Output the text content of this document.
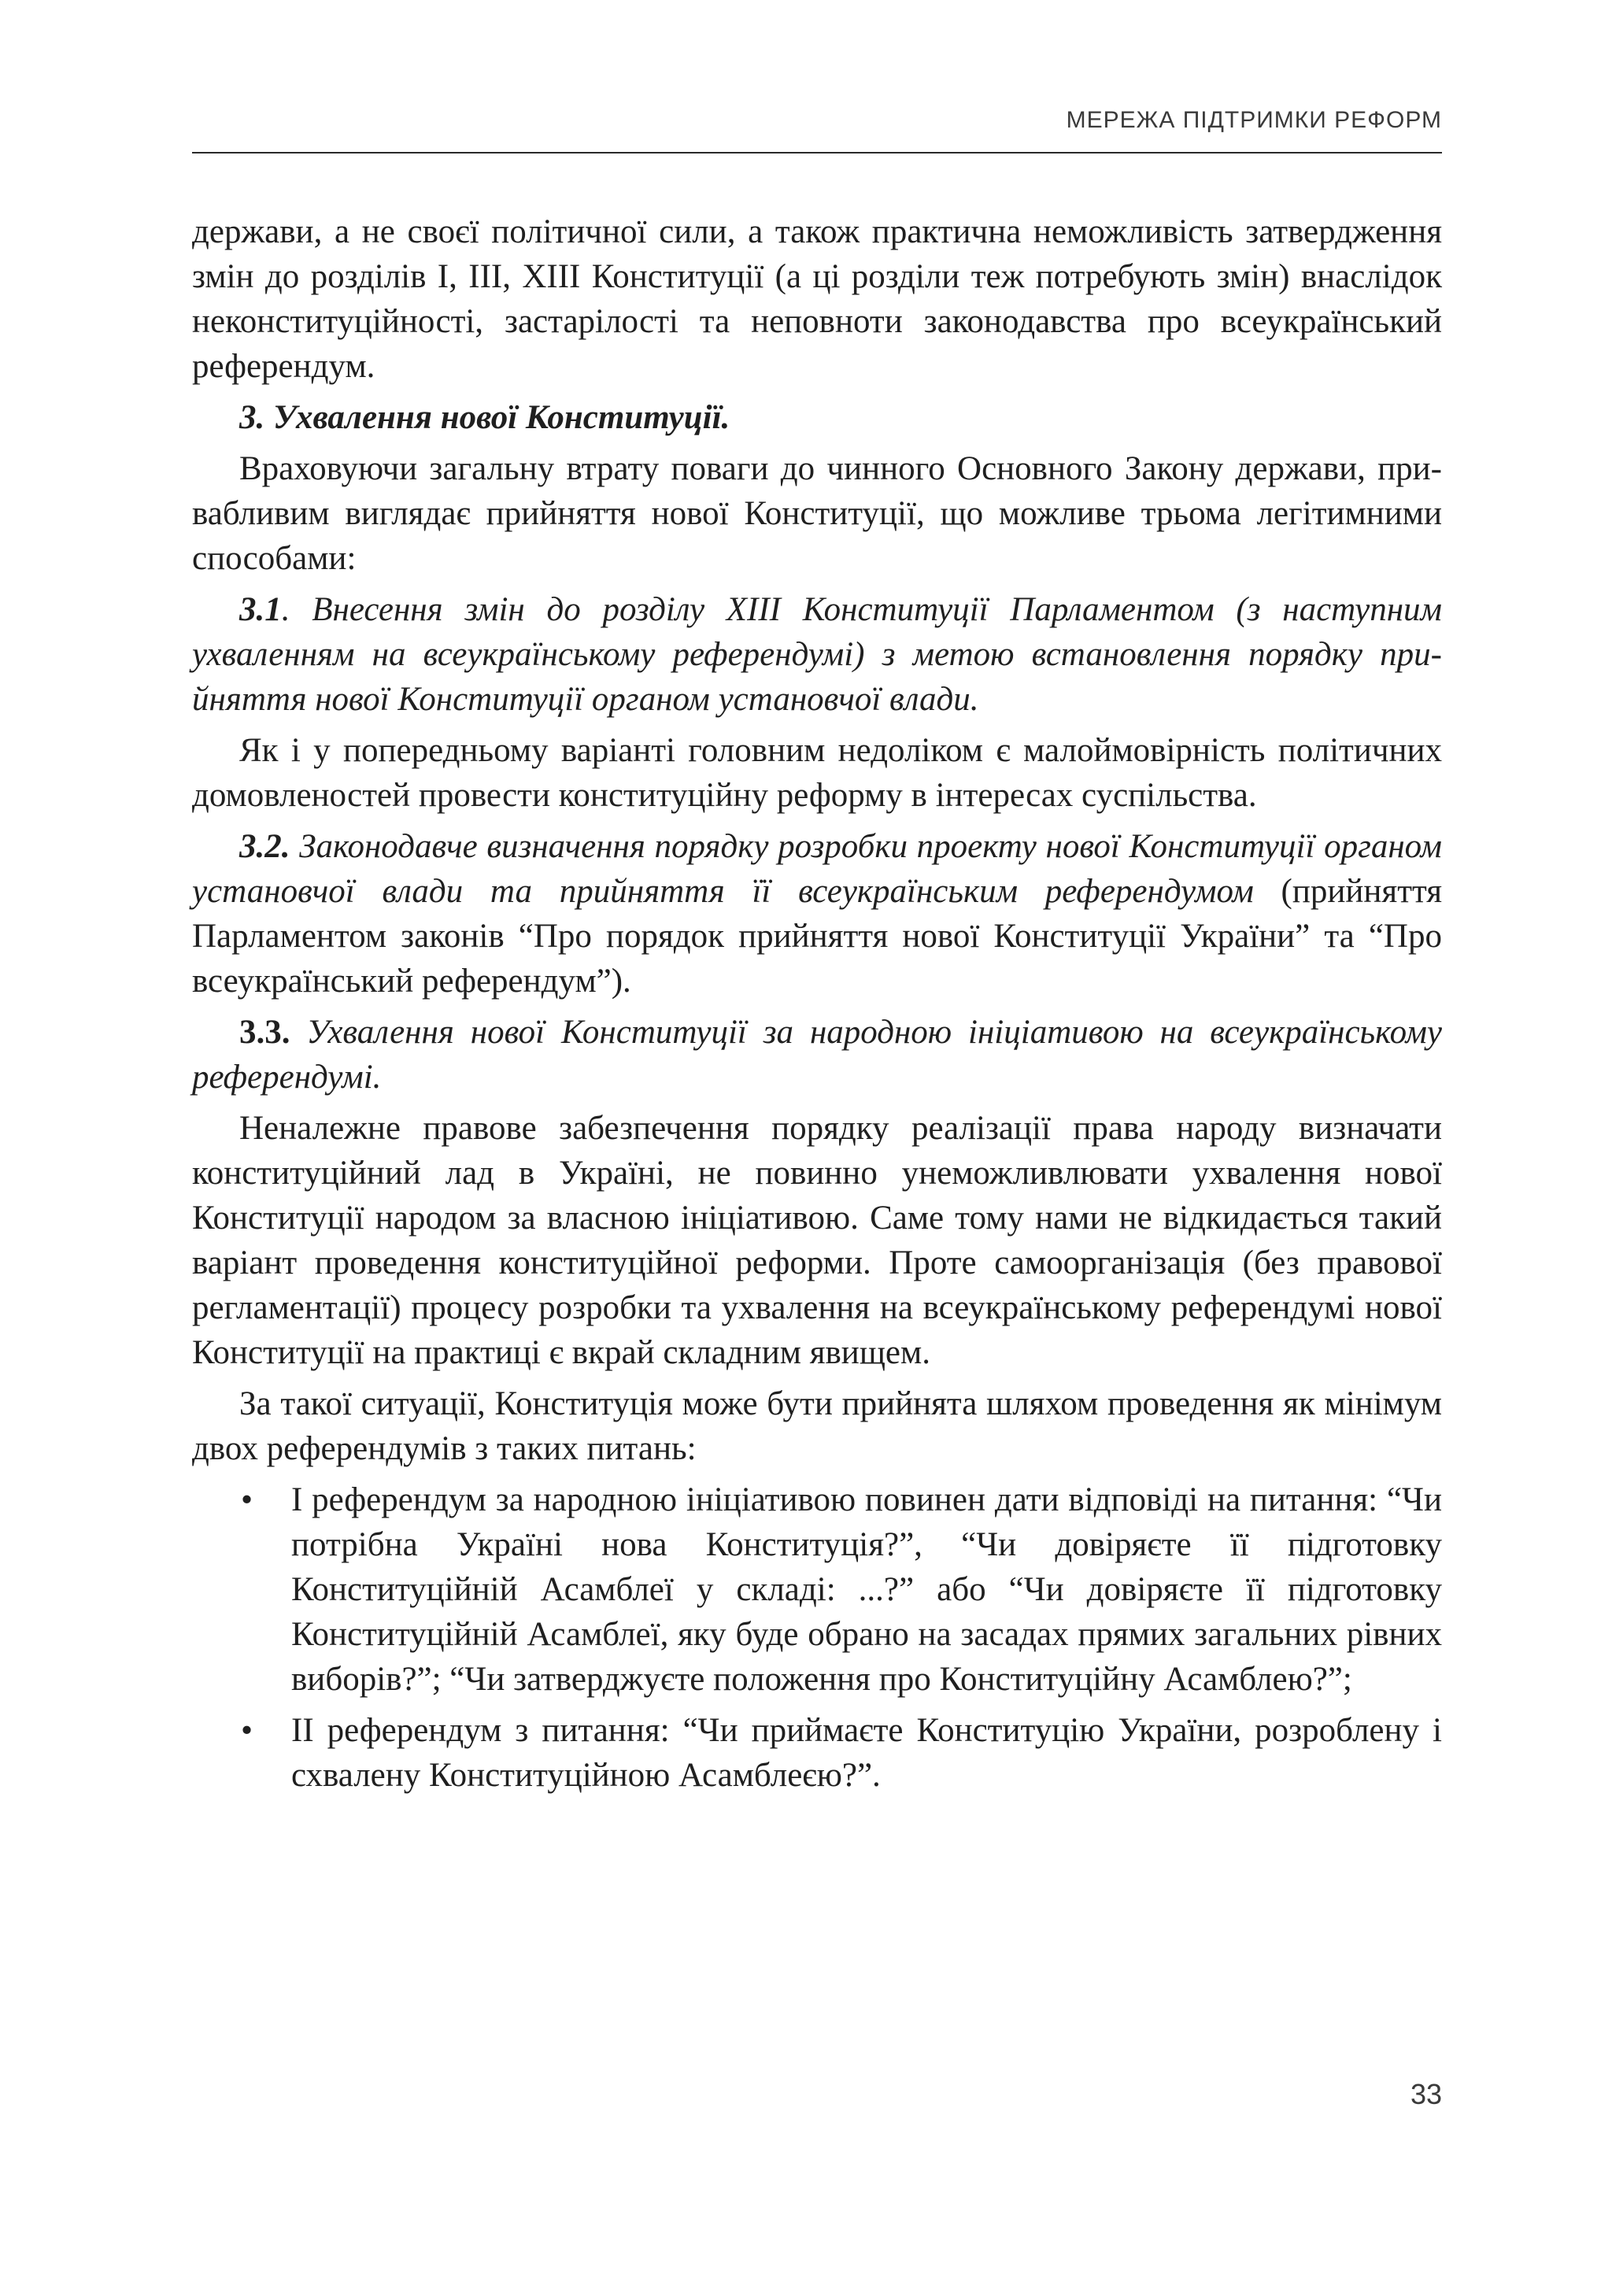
МЕРЕЖА ПІДТРИМКИ РЕФОРМ

держави, а не своєї політичної сили, а також практична неможливість затвердження змін до розділів І, ІІІ, ХІІІ Конституції (а ці розділи теж потребують змін) внаслідок неконституційності, застарілості та неповноти законодавства про всеукраїнський референдум.

3. Ухвалення нової Конституції.

Враховуючи загальну втрату поваги до чинного Основного Закону держави, привабливим виглядає прийняття нової Конституції, що можливе трьома легітимними способами:

3.1. Внесення змін до розділу ХІІІ Конституції Парламентом (з наступним ухваленням на всеукраїнському референдумі) з метою встановлення порядку прийняття нової Конституції органом установчої влади.

Як і у попередньому варіанті головним недоліком є малоймовірність політичних домовленостей провести конституційну реформу в інтересах суспільства.

3.2. Законодавче визначення порядку розробки проекту нової Конституції органом установчої влади та прийняття її всеукраїнським референдумом (прийняття Парламентом законів “Про порядок прийняття нової Конституції України” та “Про всеукраїнський референдум”).

3.3. Ухвалення нової Конституції за народною ініціативою на всеукраїнському референдумі.

Неналежне правове забезпечення порядку реалізації права народу визначати конституційний лад в Україні, не повинно унеможливлювати ухвалення нової Конституції народом за власною ініціативою. Саме тому нами не відкидається такий варіант проведення конституційної реформи. Проте самоорганізація (без правової регламентації) процесу розробки та ухвалення на всеукраїнському референдумі нової Конституції на практиці є вкрай складним явищем.

За такої ситуації, Конституція може бути прийнята шляхом проведення як мінімум двох референдумів з таких питань:

• І референдум за народною ініціативою повинен дати відповіді на питання: “Чи потрібна Україні нова Конституція?”, “Чи довіряєте її підготовку Конституційній Асамблеї у складі: ...?” або “Чи довіряєте її підготовку Конституційній Асамблеї, яку буде обрано на засадах прямих загальних рівних виборів?”; “Чи затверджуєте положення про Конституційну Асамблею?”;
• ІІ референдум з питання: “Чи приймаєте Конституцію України, розроблену і схвалену Конституційною Асамблеєю?”.
33
